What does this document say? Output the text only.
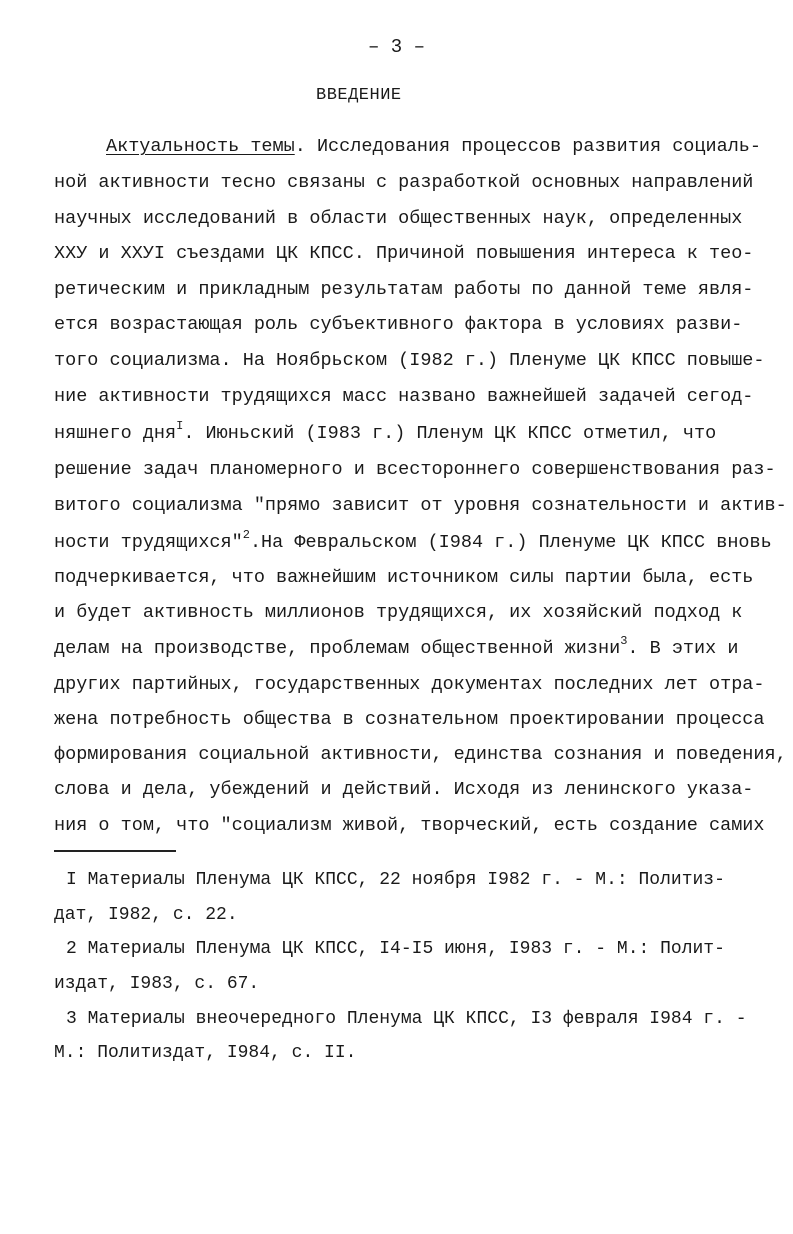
– 3 –
ВВЕДЕНИЕ
Актуальность темы. Исследования процессов развития социаль-
ной активности тесно связаны с разработкой основных направлений
научных исследований в области общественных наук, определенных
ХХУ и ХХУI съездами ЦК КПСС. Причиной повышения интереса к тео-
ретическим и прикладным результатам работы по данной теме явля-
ется возрастающая роль субъективного фактора в условиях разви-
того социализма. На Ноябрьском (I982 г.) Пленуме ЦК КПСС повыше-
ние активности трудящихся масс названо важнейшей задачей сегод-
няшнего дня$^I$. Июньский (I983 г.) Пленум ЦК КПСС отметил, что
решение задач планомерного и всестороннего совершенствования раз-
витого социализма "прямо зависит от уровня сознательности и актив-
ности трудящихся"$^2$.На Февральском (I984 г.) Пленуме ЦК КПСС вновь
подчеркивается, что важнейшим источником силы партии была, есть
и будет активность миллионов трудящихся, их хозяйский подход к
делам на производстве, проблемам общественной жизни$^3$. В этих и
других партийных, государственных документах последних лет отра-
жена потребность общества в сознательном проектировании процесса
формирования социальной активности, единства сознания и поведения,
слова и дела, убеждений и действий. Исходя из ленинского указа-
ния о том, что "социализм живой, творческий, есть создание самих
I Материалы Пленума ЦК КПСС, 22 ноября I982 г. - М.: Политиз-
дат, I982, с. 22.
2 Материалы Пленума ЦК КПСС, I4-I5 июня, I983 г. - М.: Полит-
издат, I983, с. 67.
3 Материалы внеочередного Пленума ЦК КПСС, I3 февраля I984 г. -
М.: Политиздат, I984, с. II.
